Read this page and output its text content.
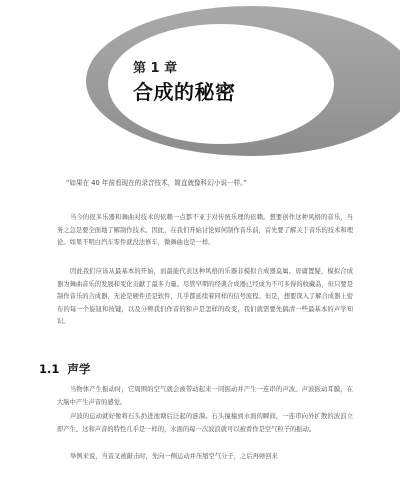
第 1 章
合成的秘密
“如果在 40 年前看现在的录音技术，简直就像科幻小说一样。”

当今的很多乐器和舞曲对技术的依赖一点都不亚于对传统乐理的依赖。想要创作这种风格的音乐，当务之急是要全面地了解制作技术。因此，在我们开始讨论如何制作音乐前，首先要了解关于音乐的技术和理论。如果不明白汽车零件就没法修车，微舞曲也是一样。

因此我们应该从最基本的开始，而最能代表这种风格的乐器非模拟合成器莫属。毋庸置疑，模拟合成器为舞曲音乐的发展和变化贡献了最多力量。尽管早期的经典合成器已经成为不可多得的收藏品，但只要是制作音乐的合成器，无论是硬件还是软件，几乎都延续着同样的信号流程。但是，想要深入了解合成器上密布的每一个旋钮和按键，以及分辨我们作音的和声是怎样的改变，我们就需要先搞清一些最基本的声学知识。

1.1 声学

当物体产生振动时，它周围的空气就会被带动起来一同振动并产生一连串的声波。声波振动耳膜，在大脑中产生声音的感觉。

声波的运动就好像将石头扔进池塘后泛起的涟漪。石头撞撞到水面的瞬间，一连串向外扩散的波浪立即产生。这和声音的特性几乎是一样的，水面的每一次波浪就可以被看作是空气粒子的振动。

举例来说，当音叉被敲击时，先向一侧运动并压缩空气分子，之后再弹回来
